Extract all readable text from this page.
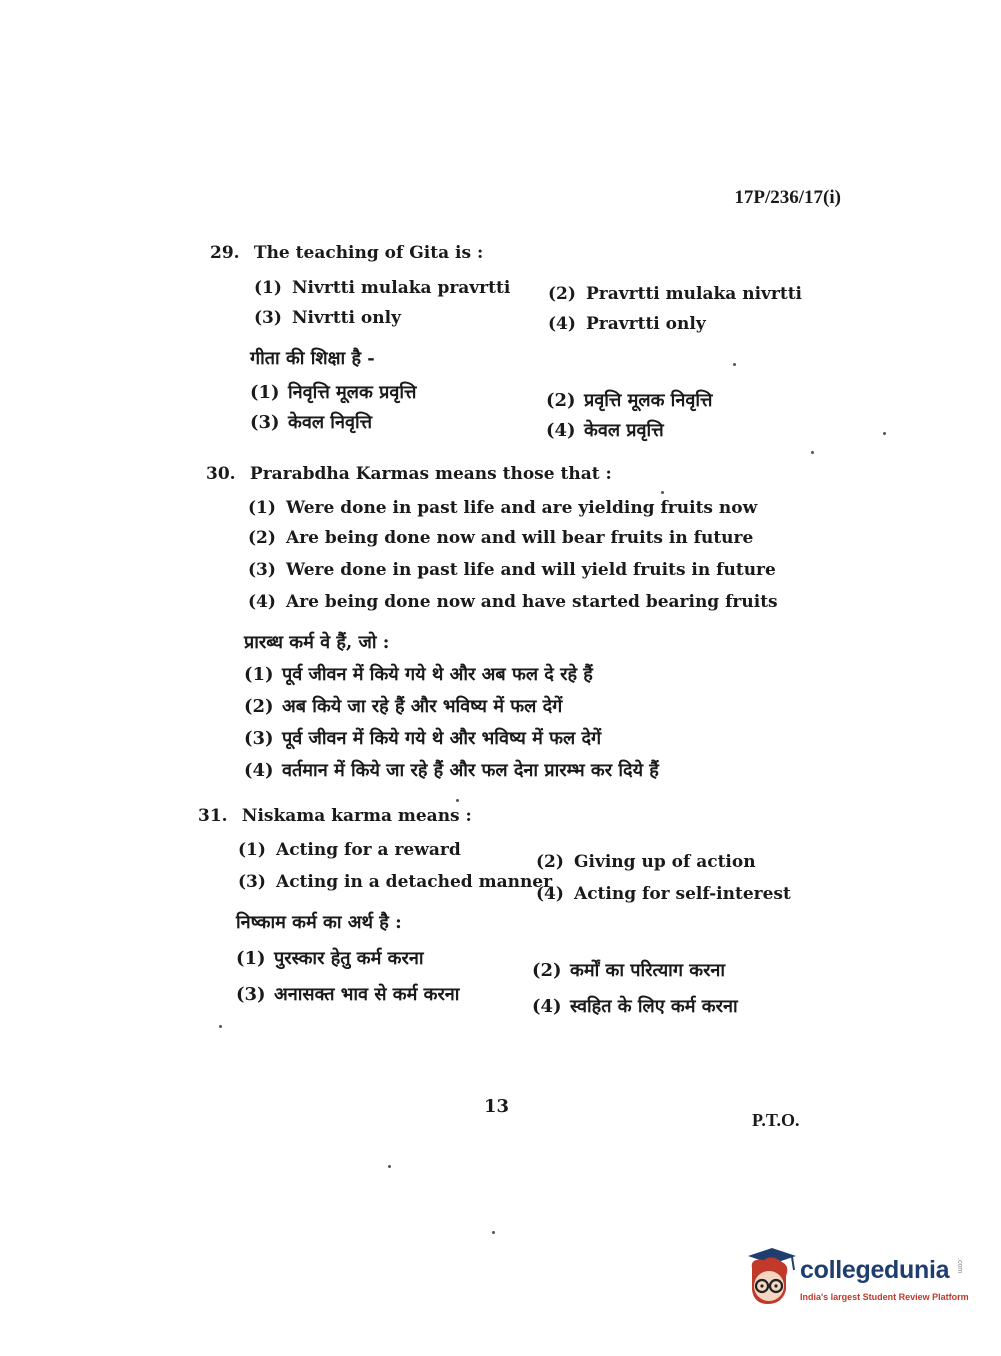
17P/236/17(i)
29. The teaching of Gita is :
(1) Nivrtti mulaka pravrtti (2) Pravrtti mulaka nivrtti
(3) Nivrtti only	(4) Pravrtti only
गीता की शिक्षा है -
(1) निवृत्ति मूलक प्रवृत्ति	(2) प्रवृत्ति मूलक निवृत्ति
(3) केवल निवृत्ति	(4) केवल प्रवृत्ति
30. Prarabdha Karmas means those that :
(1) Were done in past life and are yielding fruits now
(2) Are being done now and will bear fruits in future
(3) Were done in past life and will yield fruits in future
(4) Are being done now and have started bearing fruits
प्रारब्ध कर्म वे हैं, जो :
(1) पूर्व जीवन में किये गये थे और अब फल दे रहे हैं
(2) अब किये जा रहे हैं और भविष्य में फल देगें
(3) पूर्व जीवन में किये गये थे और भविष्य में फल देगें
(4) वर्तमान में किये जा रहे हैं और फल देना प्रारम्भ कर दिये हैं
31. Niskama karma means :
(1) Acting for a reward
(2) Giving up of action
(3) Acting in a detached manner
(4) Acting for self-interest
निष्काम कर्म का अर्थ है :
(1) पुरस्कार हेतु कर्म करना
(2) कर्मों का परित्याग करना
(3) अनासक्त भाव से कर्म करना
(4) स्वहित के लिए कर्म करना
13
P.T.O.
collegedunia .com
India's largest Student Review Platform
